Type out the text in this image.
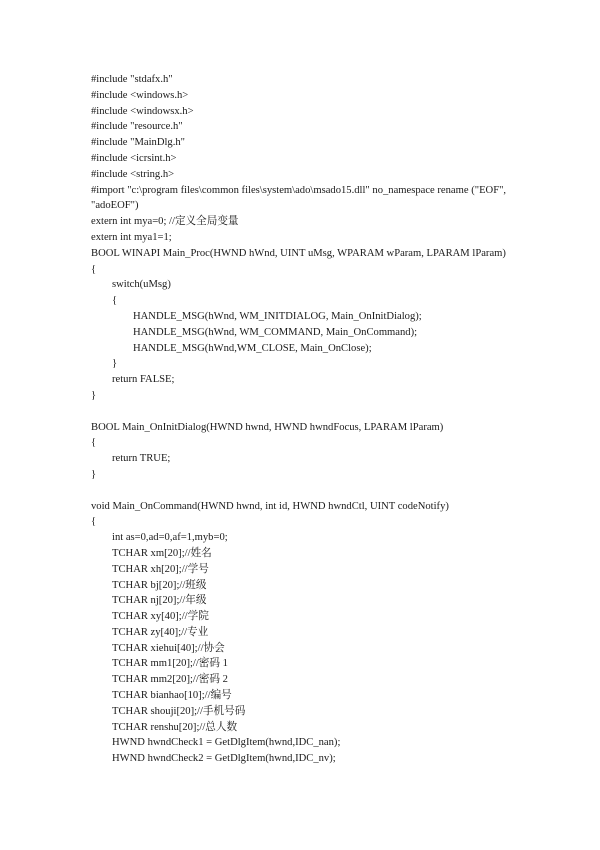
#include "stdafx.h"
#include <windows.h>
#include <windowsx.h>
#include "resource.h"
#include "MainDlg.h"
#include <icrsint.h>
#include <string.h>
#import "c:\program files\common files\system\ado\msado15.dll" no_namespace rename ("EOF", "adoEOF")
extern int mya=0; //定义全局变量
extern int mya1=1;
BOOL WINAPI Main_Proc(HWND hWnd, UINT uMsg, WPARAM wParam, LPARAM lParam)
{
switch(uMsg)
{
HANDLE_MSG(hWnd, WM_INITDIALOG, Main_OnInitDialog);
HANDLE_MSG(hWnd, WM_COMMAND, Main_OnCommand);
HANDLE_MSG(hWnd,WM_CLOSE, Main_OnClose);
}
return FALSE;
}
BOOL Main_OnInitDialog(HWND hwnd, HWND hwndFocus, LPARAM lParam)
{
return TRUE;
}
void Main_OnCommand(HWND hwnd, int id, HWND hwndCtl, UINT codeNotify)
{
int as=0,ad=0,af=1,myb=0;
TCHAR xm[20];//姓名
TCHAR xh[20];//学号
TCHAR bj[20];//班级
TCHAR nj[20];//年级
TCHAR xy[40];//学院
TCHAR zy[40];//专业
TCHAR xiehui[40];//协会
TCHAR mm1[20];//密码 1
TCHAR mm2[20];//密码 2
TCHAR bianhao[10];//编号
TCHAR shouji[20];//手机号码
TCHAR renshu[20];//总人数
HWND hwndCheck1 = GetDlgItem(hwnd,IDC_nan);
HWND hwndCheck2 = GetDlgItem(hwnd,IDC_nv);
